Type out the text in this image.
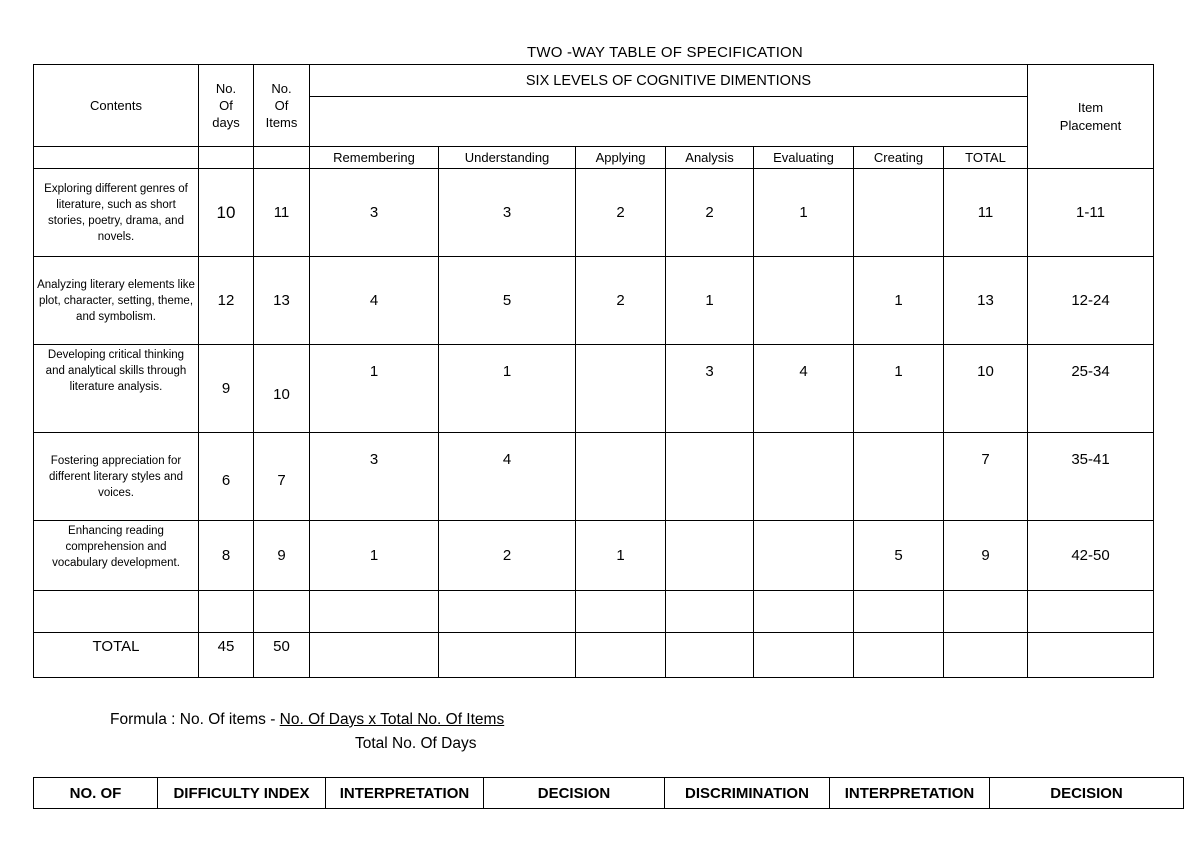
TWO -WAY TABLE OF SPECIFICATION
Contents	No.
Of
days	No.
Of
Items	SIX LEVELS OF COGNITIVE DIMENTIONS							Item Placement

			Remembering	Understanding	Applying	Analysis	Evaluating	Creating	TOTAL	
Exploring different genres of literature, such as short stories, poetry, drama, and novels.	10	11	3	3	2	2	1		11	1-11
Analyzing literary elements like plot, character, setting, theme, and symbolism.	12	13	4	5	2	1		1	13	12-24
Developing critical thinking and analytical skills through literature analysis.	9	10	1	1		3	4	1	10	25-34
Fostering appreciation for different literary styles and voices.	6	7	3	4					7	35-41
Enhancing reading comprehension and vocabulary development.	8	9	1	2	1			5	9	42-50

TOTAL	45	50								
Formula : No. Of items - No. Of Days x Total No. Of Items
Total No. Of Days
NO. OF	DIFFICULTY INDEX	INTERPRETATION	DECISION	DISCRIMINATION	INTERPRETATION	DECISION
